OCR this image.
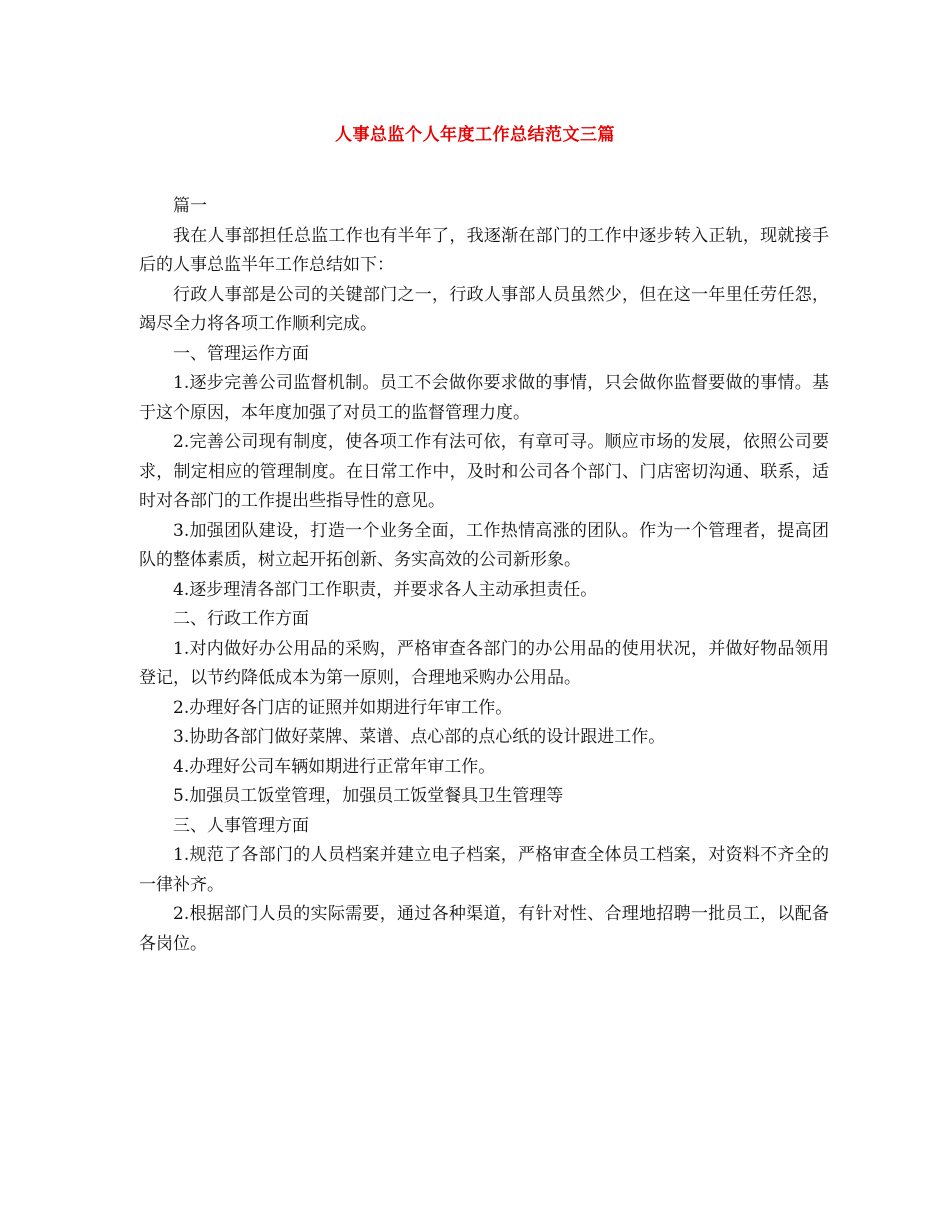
人事总监个人年度工作总结范文三篇

篇一

我在人事部担任总监工作也有半年了，我逐渐在部门的工作中逐步转入正轨，现就接手后的人事总监半年工作总结如下：

行政人事部是公司的关键部门之一，行政人事部人员虽然少，但在这一年里任劳任怨，竭尽全力将各项工作顺利完成。

一、管理运作方面

1.逐步完善公司监督机制。员工不会做你要求做的事情，只会做你监督要做的事情。基于这个原因，本年度加强了对员工的监督管理力度。

2.完善公司现有制度，使各项工作有法可依，有章可寻。顺应市场的发展，依照公司要求，制定相应的管理制度。在日常工作中，及时和公司各个部门、门店密切沟通、联系，适时对各部门的工作提出些指导性的意见。

3.加强团队建设，打造一个业务全面，工作热情高涨的团队。作为一个管理者，提高团队的整体素质，树立起开拓创新、务实高效的公司新形象。

4.逐步理清各部门工作职责，并要求各人主动承担责任。

二、行政工作方面

1.对内做好办公用品的采购，严格审查各部门的办公用品的使用状况，并做好物品领用登记，以节约降低成本为第一原则，合理地采购办公用品。

2.办理好各门店的证照并如期进行年审工作。

3.协助各部门做好菜牌、菜谱、点心部的点心纸的设计跟进工作。

4.办理好公司车辆如期进行正常年审工作。

5.加强员工饭堂管理，加强员工饭堂餐具卫生管理等

三、人事管理方面

1.规范了各部门的人员档案并建立电子档案，严格审查全体员工档案，对资料不齐全的一律补齐。

2.根据部门人员的实际需要，通过各种渠道，有针对性、合理地招聘一批员工，以配备各岗位。
